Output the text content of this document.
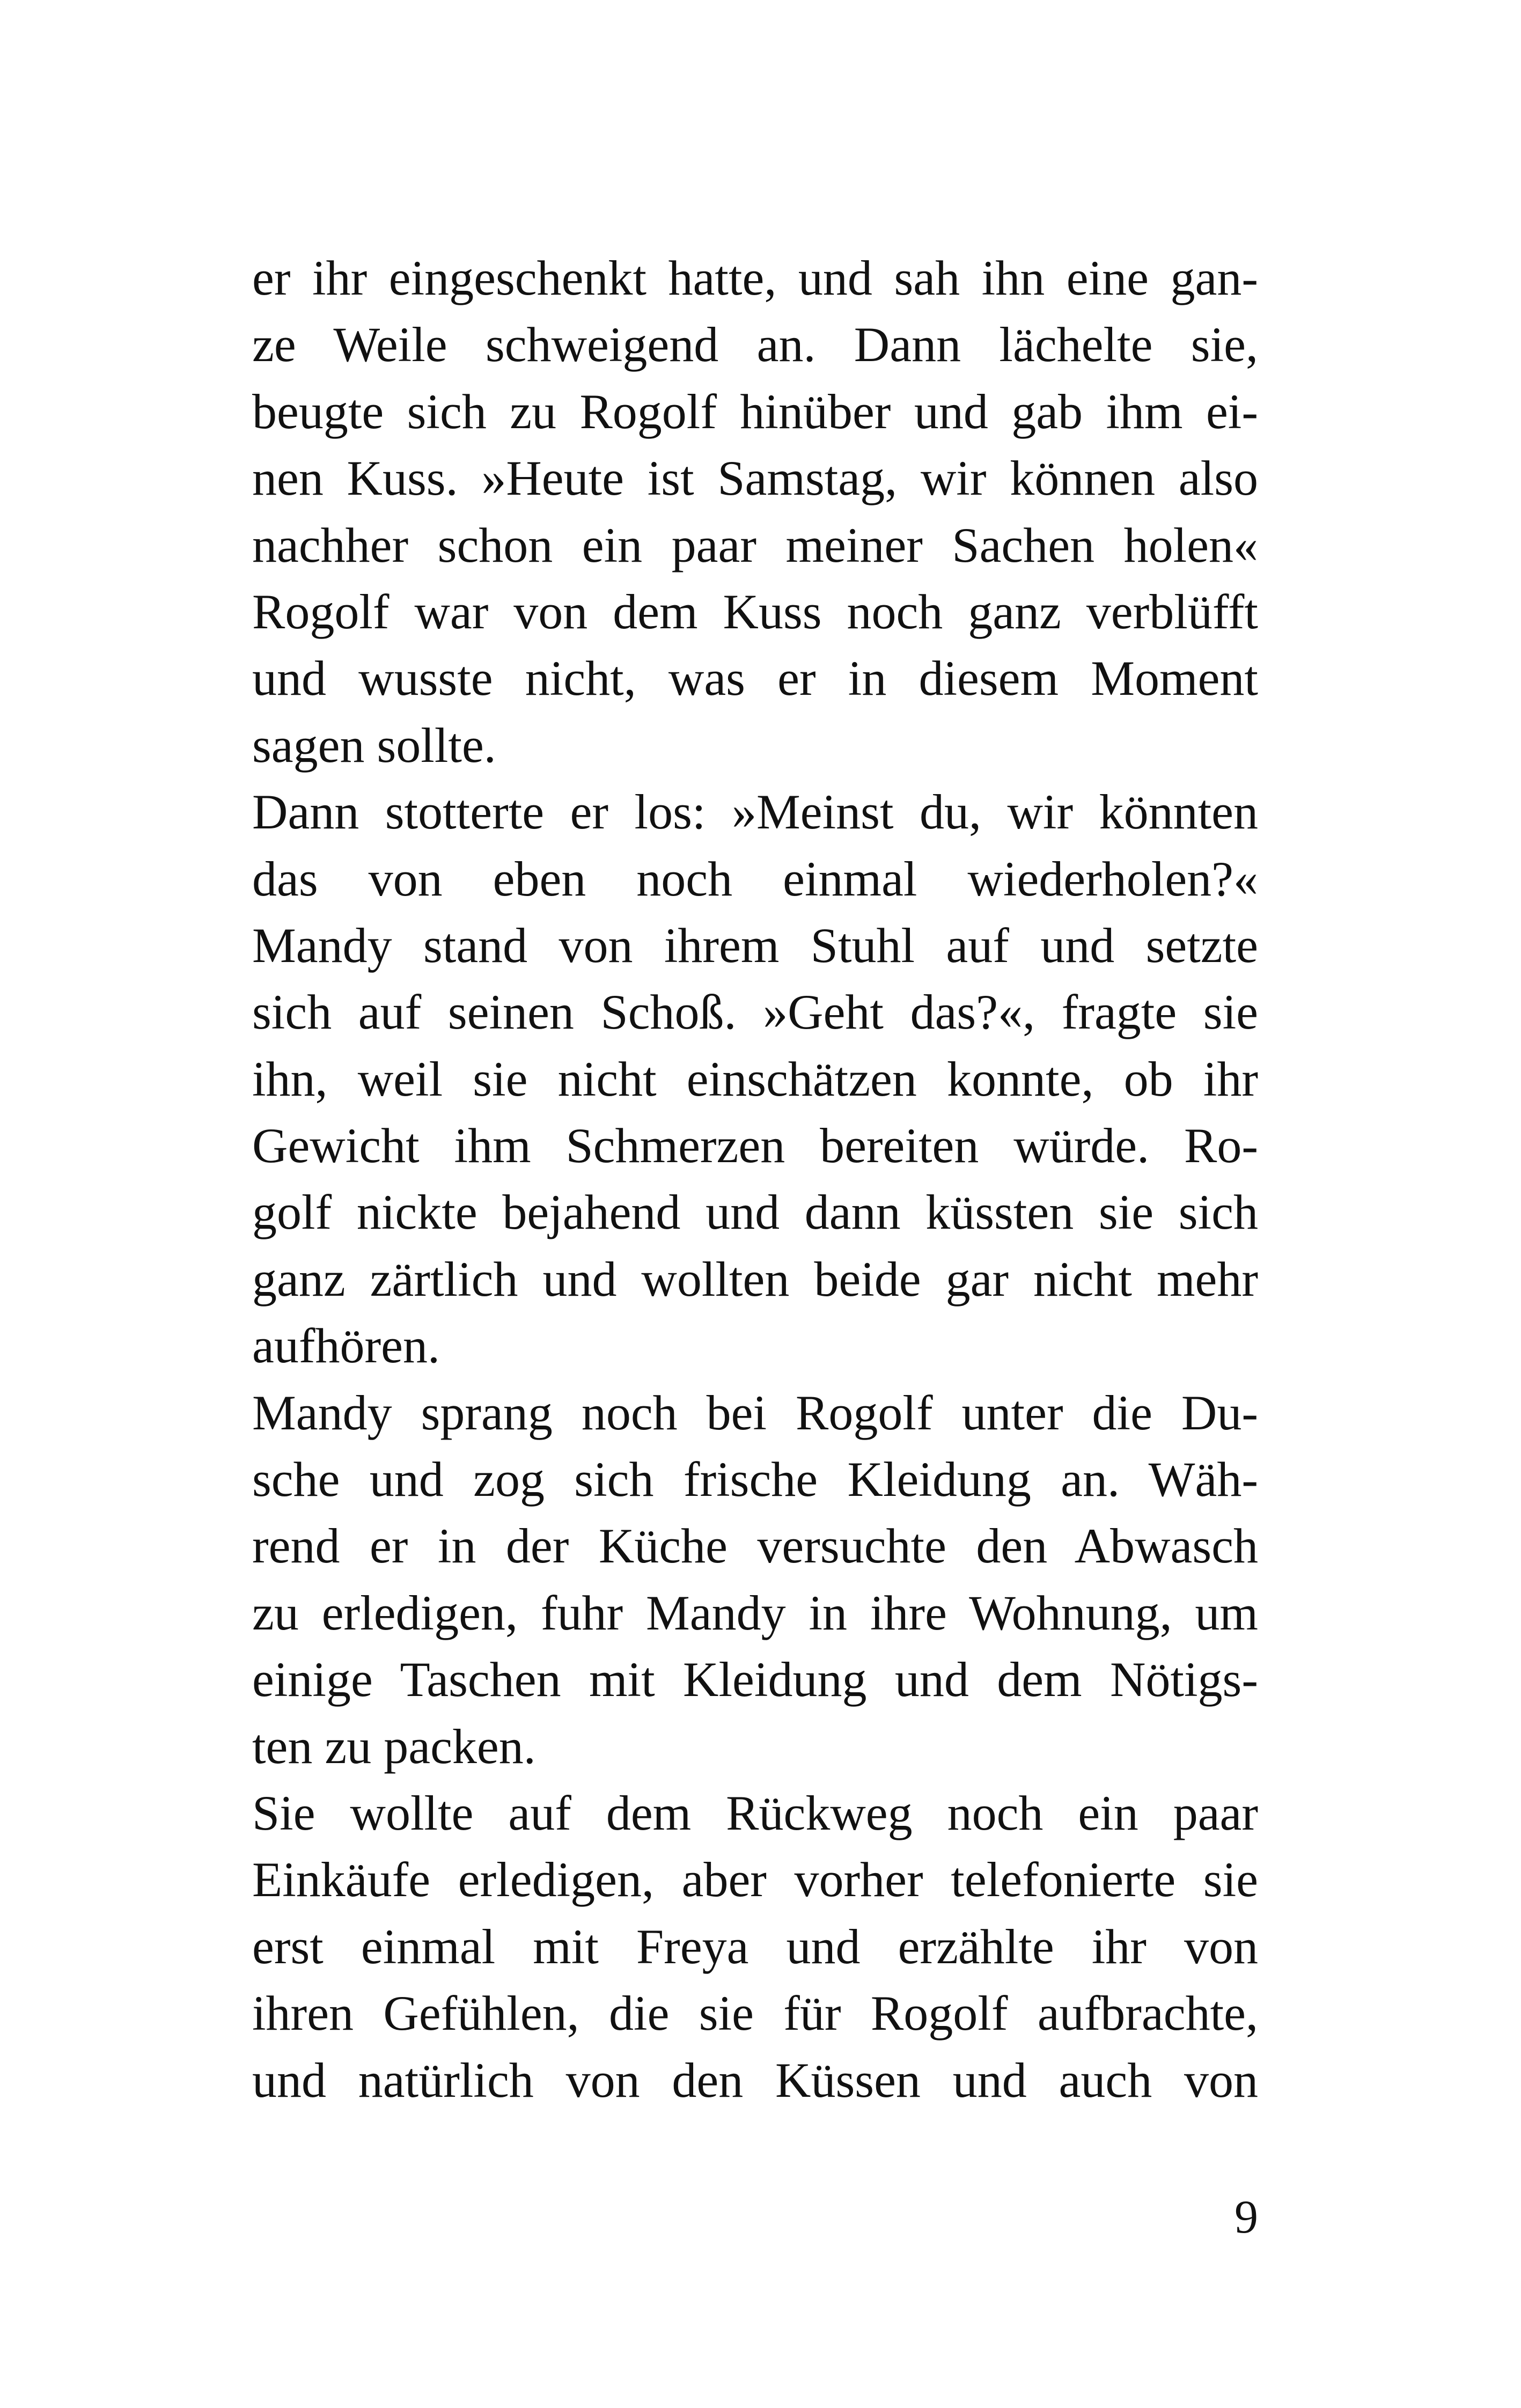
er ihr eingeschenkt hatte, und sah ihn eine gan-
ze Weile schweigend an. Dann lächelte sie,
beugte sich zu Rogolf hinüber und gab ihm ei-
nen Kuss. »Heute ist Samstag, wir können also
nachher schon ein paar meiner Sachen holen«
Rogolf war von dem Kuss noch ganz verblüfft
und wusste nicht, was er in diesem Moment
sagen sollte.
Dann stotterte er los: »Meinst du, wir könnten
das von eben noch einmal wiederholen?«
Mandy stand von ihrem Stuhl auf und setzte
sich auf seinen Schoß. »Geht das?«, fragte sie
ihn, weil sie nicht einschätzen konnte, ob ihr
Gewicht ihm Schmerzen bereiten würde. Ro-
golf nickte bejahend und dann küssten sie sich
ganz zärtlich und wollten beide gar nicht mehr
aufhören.
Mandy sprang noch bei Rogolf unter die Du-
sche und zog sich frische Kleidung an. Wäh-
rend er in der Küche versuchte den Abwasch
zu erledigen, fuhr Mandy in ihre Wohnung, um
einige Taschen mit Kleidung und dem Nötigs-
ten zu packen.
Sie wollte auf dem Rückweg noch ein paar
Einkäufe erledigen, aber vorher telefonierte sie
erst einmal mit Freya und erzählte ihr von
ihren Gefühlen, die sie für Rogolf aufbrachte,
und natürlich von den Küssen und auch von
9
